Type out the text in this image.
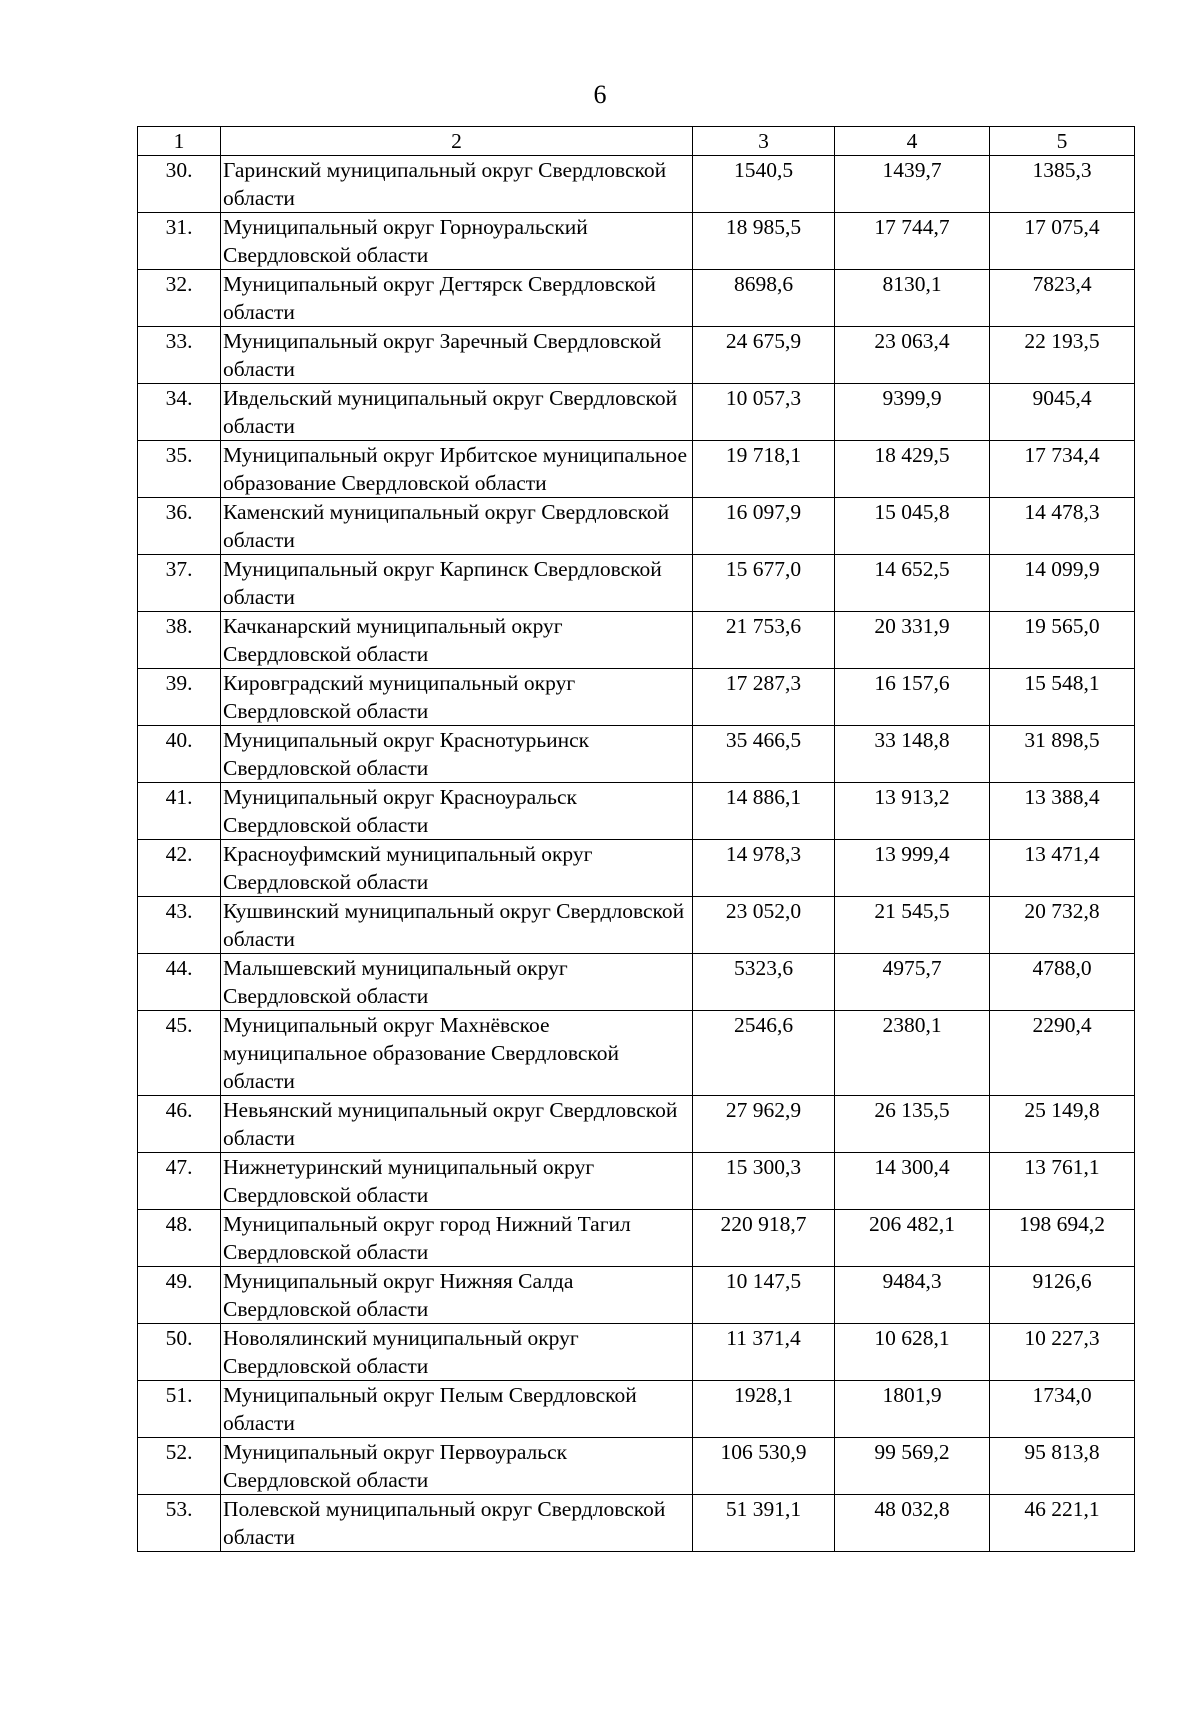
6
1	2	3	4	5
30.	Гаринский муниципальный округ Свердловской области	1540,5	1439,7	1385,3
31.	Муниципальный округ Горноуральский Свердловской области	18 985,5	17 744,7	17 075,4
32.	Муниципальный округ Дегтярск Свердловской области	8698,6	8130,1	7823,4
33.	Муниципальный округ Заречный Свердловской области	24 675,9	23 063,4	22 193,5
34.	Ивдельский муниципальный округ Свердловской области	10 057,3	9399,9	9045,4
35.	Муниципальный округ Ирбитское муниципальное образование Свердловской области	19 718,1	18 429,5	17 734,4
36.	Каменский муниципальный округ Свердловской области	16 097,9	15 045,8	14 478,3
37.	Муниципальный округ Карпинск Свердловской области	15 677,0	14 652,5	14 099,9
38.	Качканарский муниципальный округ Свердловской области	21 753,6	20 331,9	19 565,0
39.	Кировградский муниципальный округ Свердловской области	17 287,3	16 157,6	15 548,1
40.	Муниципальный округ Краснотурьинск Свердловской области	35 466,5	33 148,8	31 898,5
41.	Муниципальный округ Красноуральск Свердловской области	14 886,1	13 913,2	13 388,4
42.	Красноуфимский муниципальный округ Свердловской области	14 978,3	13 999,4	13 471,4
43.	Кушвинский муниципальный округ Свердловской области	23 052,0	21 545,5	20 732,8
44.	Малышевский муниципальный округ Свердловской области	5323,6	4975,7	4788,0
45.	Муниципальный округ Махнёвское муниципальное образование Свердловской области	2546,6	2380,1	2290,4
46.	Невьянский муниципальный округ Свердловской области	27 962,9	26 135,5	25 149,8
47.	Нижнетуринский муниципальный округ Свердловской области	15 300,3	14 300,4	13 761,1
48.	Муниципальный округ город Нижний Тагил Свердловской области	220 918,7	206 482,1	198 694,2
49.	Муниципальный округ Нижняя Салда Свердловской области	10 147,5	9484,3	9126,6
50.	Новолялинский муниципальный округ Свердловской области	11 371,4	10 628,1	10 227,3
51.	Муниципальный округ Пелым Свердловской области	1928,1	1801,9	1734,0
52.	Муниципальный округ Первоуральск Свердловской области	106 530,9	99 569,2	95 813,8
53.	Полевской муниципальный округ Свердловской области	51 391,1	48 032,8	46 221,1
